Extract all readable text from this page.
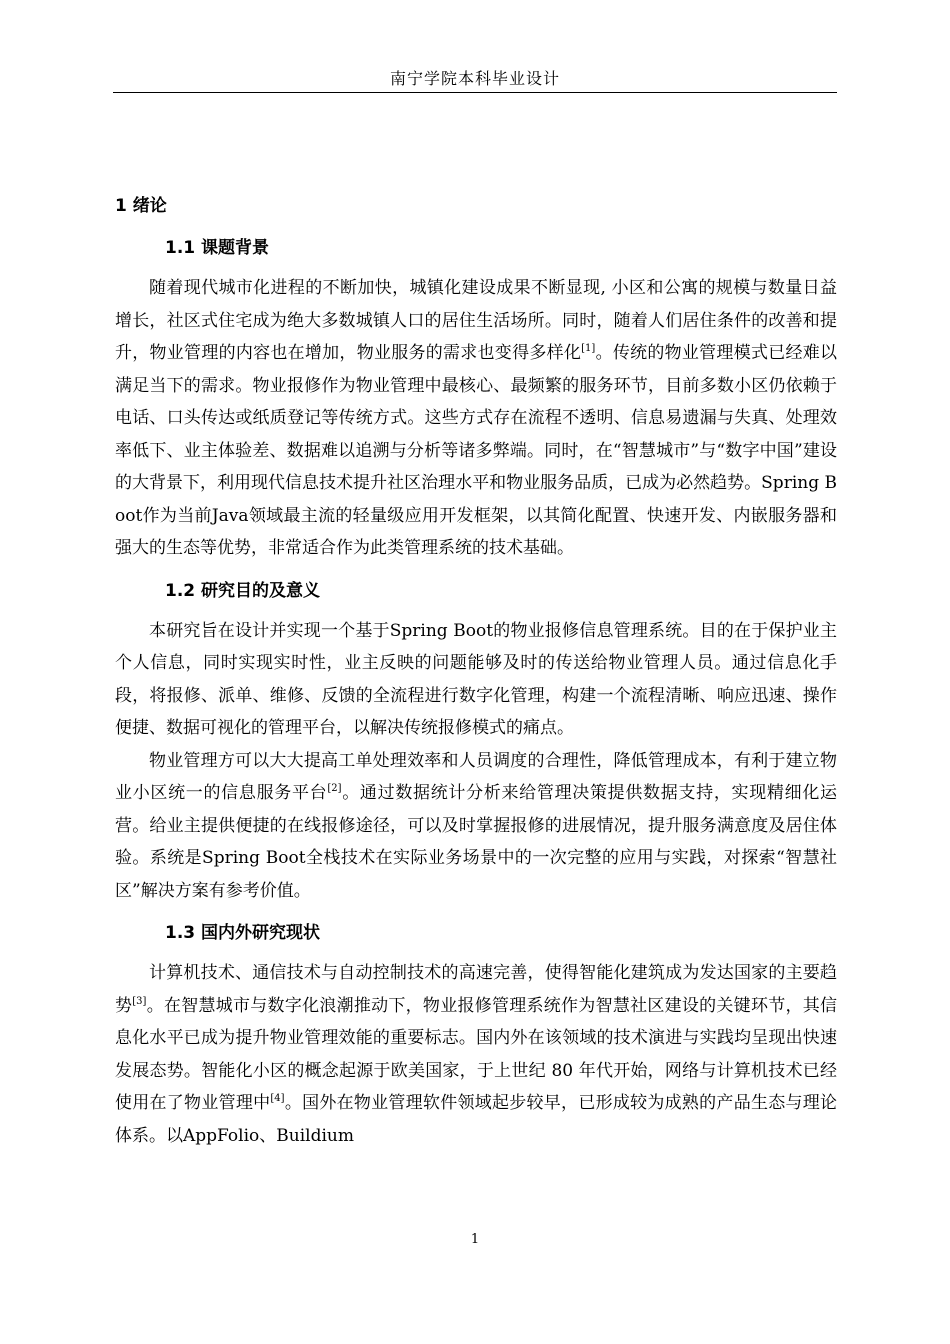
南宁学院本科毕业设计
1 绪论
1.1 课题背景

随着现代城市化进程的不断加快，城镇化建设成果不断显现, 小区和公寓的规模与数量日益增长，社区式住宅成为绝大多数城镇人口的居住生活场所。同时，随着人们居住条件的改善和提升，物业管理的内容也在增加，物业服务的需求也变得多样化[1]。传统的物业管理模式已经难以满足当下的需求。物业报修作为物业管理中最核心、最频繁的服务环节，目前多数小区仍依赖于电话、口头传达或纸质登记等传统方式。这些方式存在流程不透明、信息易遗漏与失真、处理效率低下、业主体验差、数据难以追溯与分析等诸多弊端。同时，在“智慧城市”与“数字中国”建设的大背景下，利用现代信息技术提升社区治理水平和物业服务品质，已成为必然趋势。Spring Boot作为当前Java领域最主流的轻量级应用开发框架，以其简化配置、快速开发、内嵌服务器和强大的生态等优势，非常适合作为此类管理系统的技术基础。

1.2 研究目的及意义

本研究旨在设计并实现一个基于Spring Boot的物业报修信息管理系统。目的在于保护业主个人信息，同时实现实时性，业主反映的问题能够及时的传送给物业管理人员。通过信息化手段，将报修、派单、维修、反馈的全流程进行数字化管理，构建一个流程清晰、响应迅速、操作便捷、数据可视化的管理平台，以解决传统报修模式的痛点。

物业管理方可以大大提高工单处理效率和人员调度的合理性，降低管理成本，有利于建立物业小区统一的信息服务平台[2]。通过数据统计分析来给管理决策提供数据支持，实现精细化运营。给业主提供便捷的在线报修途径，可以及时掌握报修的进展情况，提升服务满意度及居住体验。系统是Spring Boot全栈技术在实际业务场景中的一次完整的应用与实践，对探索“智慧社区”解决方案有参考价值。

1.3 国内外研究现状

计算机技术、通信技术与自动控制技术的高速完善，使得智能化建筑成为发达国家的主要趋势[3]。在智慧城市与数字化浪潮推动下，物业报修管理系统作为智慧社区建设的关键环节，其信息化水平已成为提升物业管理效能的重要标志。国内外在该领域的技术演进与实践均呈现出快速发展态势。智能化小区的概念起源于欧美国家，于上世纪 80 年代开始，网络与计算机技术已经使用在了物业管理中[4]。国外在物业管理软件领域起步较早，已形成较为成熟的产品生态与理论体系。以AppFolio、Buildium

1
